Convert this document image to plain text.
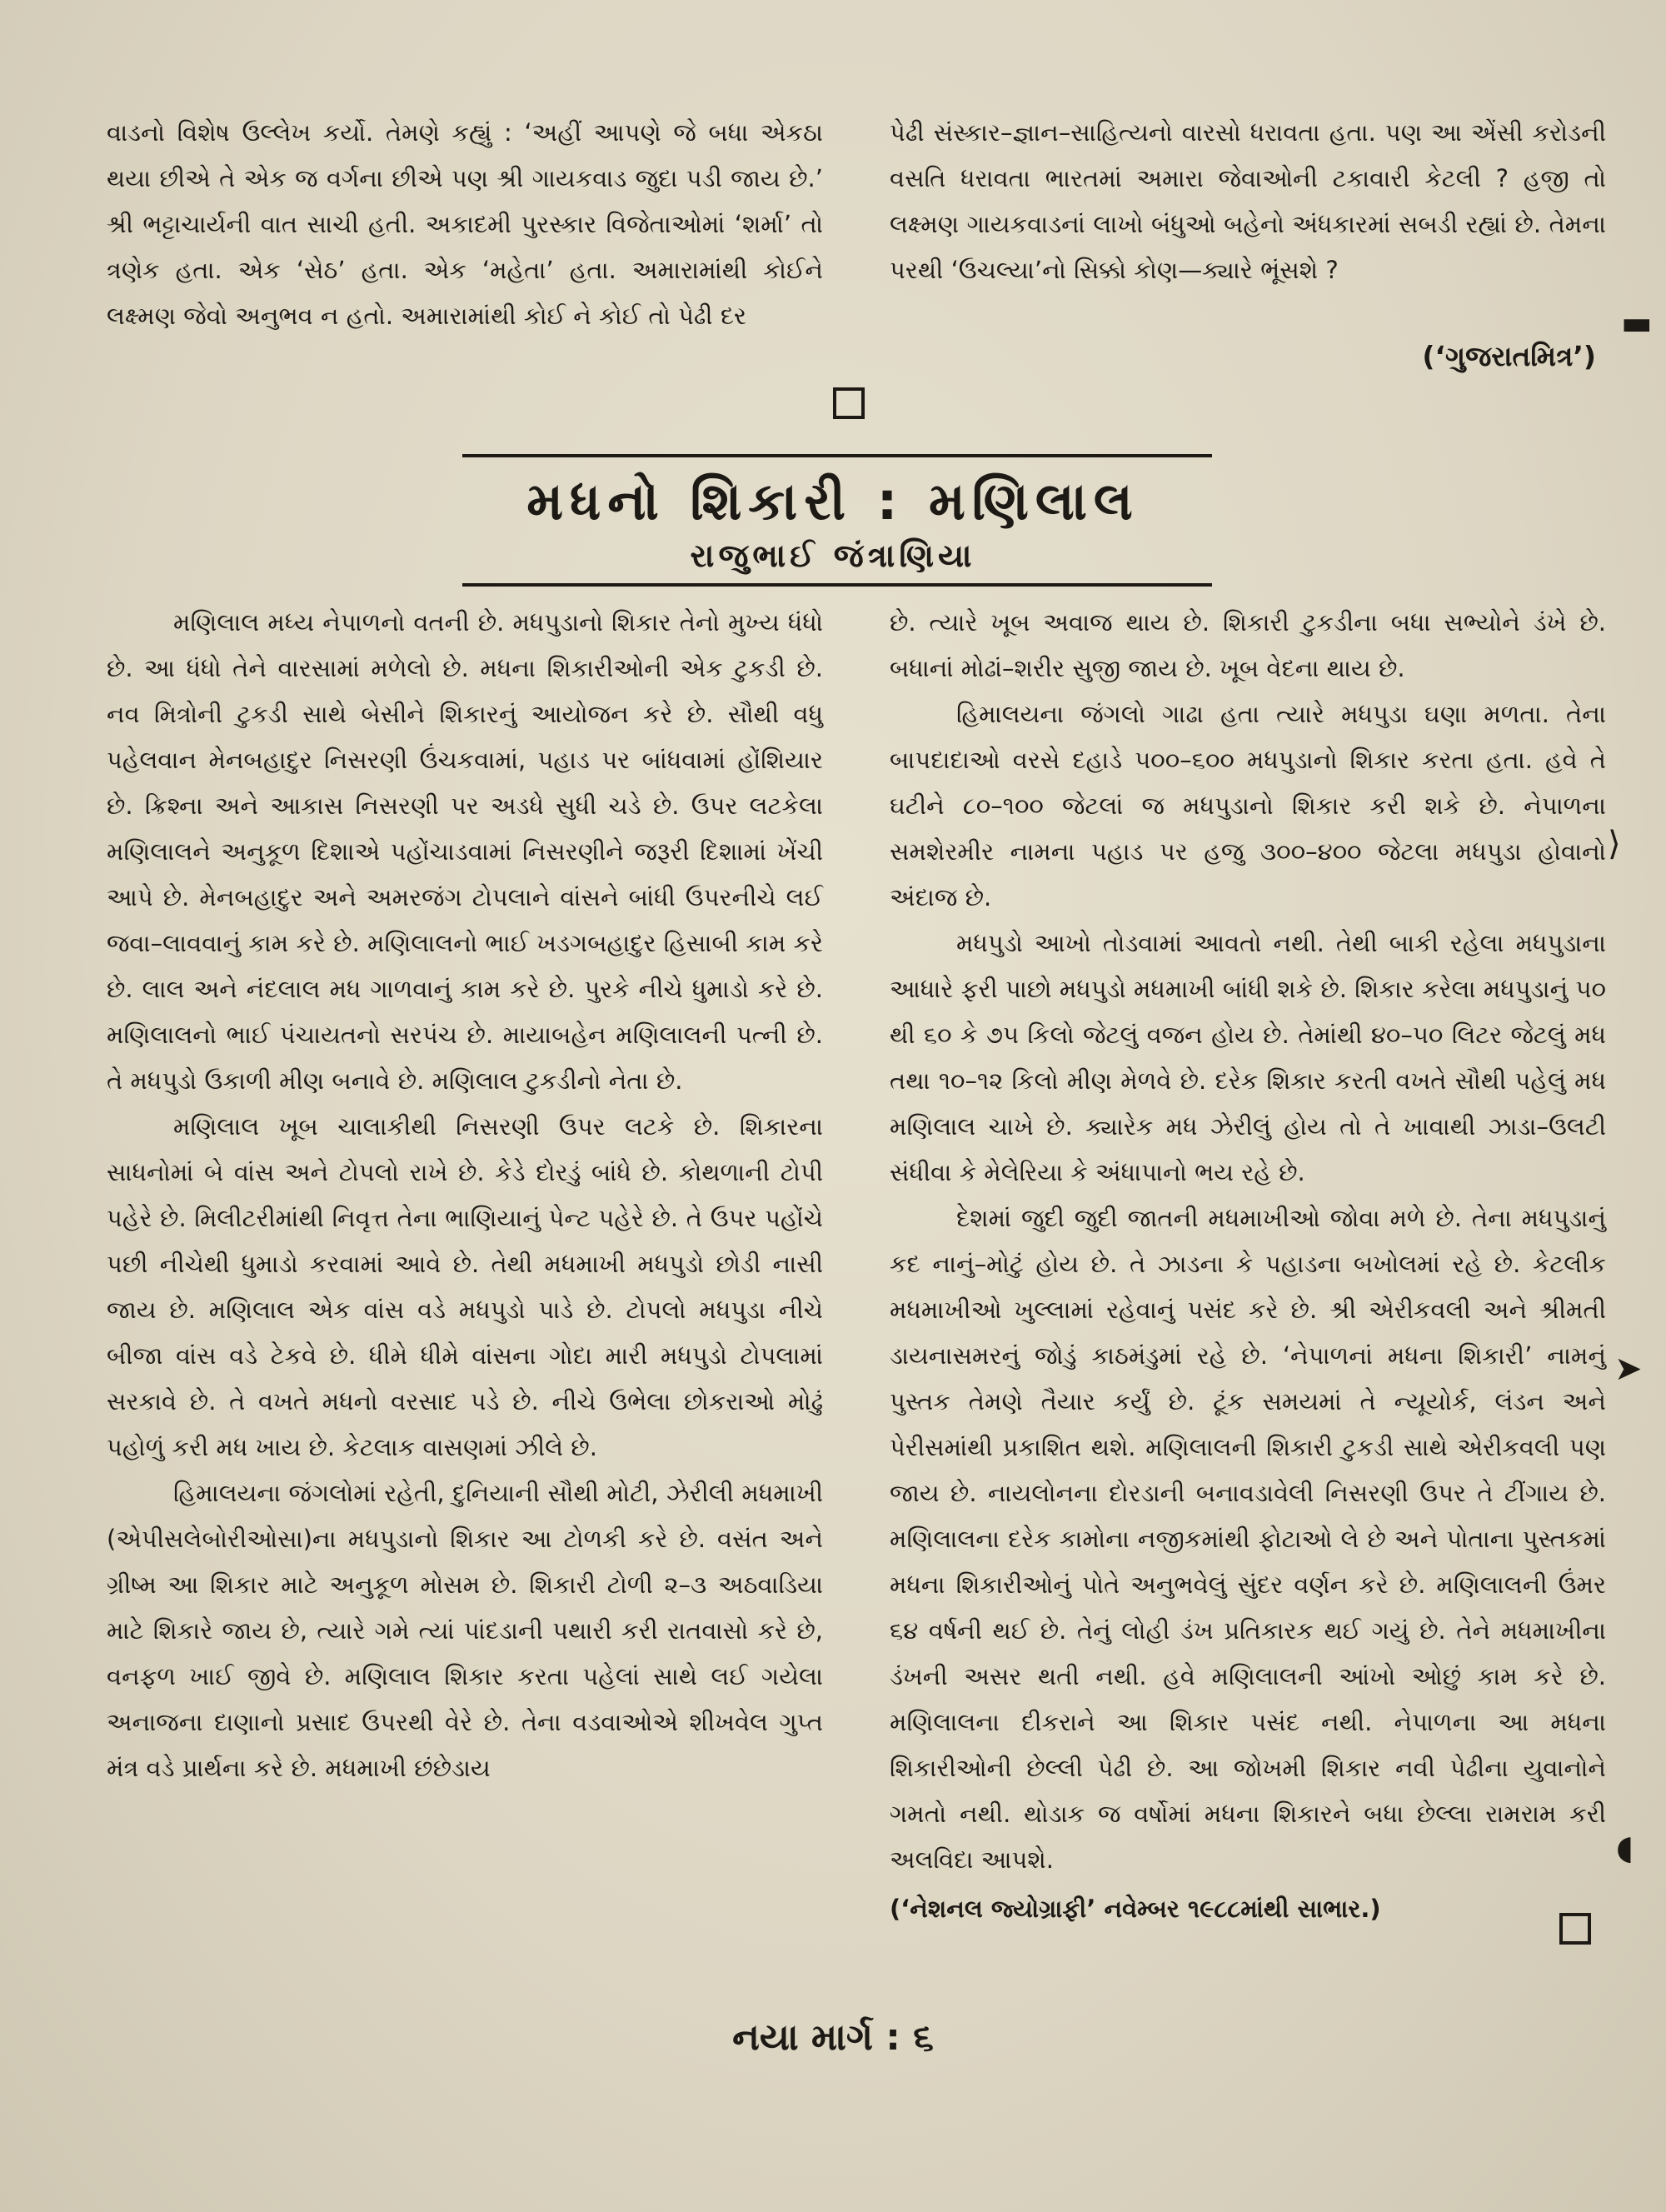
વાડનો વિશેષ ઉલ્લેખ કર્યો. તેમણે કહ્યું : ‘અહીં આપણે જે બધા એકઠા થયા છીએ તે એક જ વર્ગના છીએ પણ શ્રી ગાયકવાડ જુદા પડી જાય છે.’ શ્રી ભટ્ટાચાર્યની વાત સાચી હતી. અકાદમી પુરસ્કાર વિજેતાઓમાં ‘શર્મા’ તો ત્રણેક હતા. એક ‘સેઠ’ હતા. એક ‘મહેતા’ હતા. અમારામાંથી કોઈને લક્ષ્મણ જેવો અનુભવ ન હતો. અમારામાંથી કોઈ ને કોઈ તો પેઢી દર

પેઢી સંસ્કાર–જ્ઞાન–સાહિત્યનો વારસો ધરાવતા હતા. પણ આ એંસી કરોડની વસતિ ધરાવતા ભારતમાં અમારા જેવાઓની ટકાવારી કેટલી ? હજી તો લક્ષ્મણ ગાયકવાડનાં લાખો બંધુઓ બહેનો અંધકારમાં સબડી રહ્યાં છે. તેમના પરથી ‘ઉચલ્યા’નો સિક્કો કોણ—ક્યારે ભૂંસશે ?

(‘ગુજરાતમિત્ર’)
મધનો શિકારી : મણિલાલ
રાજુભાઈ જંત્રાણિયા

મણિલાલ મધ્ય નેપાળનો વતની છે. મધપુડાનો શિકાર તેનો મુખ્ય ધંધો છે. આ ધંધો તેને વારસામાં મળેલો છે. મધના શિકારીઓની એક ટુકડી છે. નવ મિત્રોની ટુકડી સાથે બેસીને શિકારનું આયોજન કરે છે. સૌથી વધુ પહેલવાન મેનબહાદુર નિસરણી ઉંચકવામાં, પહાડ પર બાંધવામાં હોંશિયાર છે. ક્રિશ્ના અને આકાસ નિસરણી પર અડધે સુધી ચડે છે. ઉપર લટકેલા મણિલાલને અનુકૂળ દિશાએ પહોંચાડવામાં નિસરણીને જરૂરી દિશામાં ખેંચી આપે છે. મેનબહાદુર અને અમરજંગ ટોપલાને વાંસને બાંધી ઉપરનીચે લઈ જવા–લાવવાનું કામ કરે છે. મણિલાલનો ભાઈ ખડગબહાદુર હિસાબી કામ કરે છે. લાલ અને નંદલાલ મધ ગાળવાનું કામ કરે છે. પુરકે નીચે ધુમાડો કરે છે. મણિલાલનો ભાઈ પંચાયતનો સરપંચ છે. માયાબહેન મણિલાલની પત્ની છે. તે મધપુડો ઉકાળી મીણ બનાવે છે. મણિલાલ ટુકડીનો નેતા છે.

મણિલાલ ખૂબ ચાલાકીથી નિસરણી ઉપર લટકે છે. શિકારના સાધનોમાં બે વાંસ અને ટોપલો રાખે છે. કેડે દોરડું બાંધે છે. કોથળાની ટોપી પહેરે છે. મિલીટરીમાંથી નિવૃત્ત તેના ભાણિયાનું પેન્ટ પહેરે છે. તે ઉપર પહોંચે પછી નીચેથી ધુમાડો કરવામાં આવે છે. તેથી મધમાખી મધપુડો છોડી નાસી જાય છે. મણિલાલ એક વાંસ વડે મધપુડો પાડે છે. ટોપલો મધપુડા નીચે બીજા વાંસ વડે ટેકવે છે. ધીમે ધીમે વાંસના ગોદા મારી મધપુડો ટોપલામાં સરકાવે છે. તે વખતે મધનો વરસાદ પડે છે. નીચે ઉભેલા છોકરાઓ મોઢું પહોળું કરી મધ ખાય છે. કેટલાક વાસણમાં ઝીલે છે.

હિમાલયના જંગલોમાં રહેતી, દુનિયાની સૌથી મોટી, ઝેરીલી મધમાખી (એપીસલેબોરીઓસા)ના મધપુડાનો શિકાર આ ટોળકી કરે છે. વસંત અને ગ્રીષ્મ આ શિકાર માટે અનુકૂળ મોસમ છે. શિકારી ટોળી ૨–૩ અઠવાડિયા માટે શિકારે જાય છે, ત્યારે ગમે ત્યાં પાંદડાની પથારી કરી રાતવાસો કરે છે, વનફળ ખાઈ જીવે છે. મણિલાલ શિકાર કરતા પહેલાં સાથે લઈ ગયેલા અનાજના દાણાનો પ્રસાદ ઉપરથી વેરે છે. તેના વડવાઓએ શીખવેલ ગુપ્ત મંત્ર વડે પ્રાર્થના કરે છે. મધમાખી છંછેડાય

છે. ત્યારે ખૂબ અવાજ થાય છે. શિકારી ટુકડીના બધા સભ્યોને ડંખે છે. બધાનાં મોઢાં–શરીર સુજી જાય છે. ખૂબ વેદના થાય છે.

હિમાલયના જંગલો ગાઢા હતા ત્યારે મધપુડા ઘણા મળતા. તેના બાપદાદાઓ વરસે દહાડે ૫૦૦–૬૦૦ મધપુડાનો શિકાર કરતા હતા. હવે તે ઘટીને ૮૦–૧૦૦ જેટલાં જ મધપુડાનો શિકાર કરી શકે છે. નેપાળના સમશેરમીર નામના પહાડ પર હજુ ૩૦૦–૪૦૦ જેટલા મધપુડા હોવાનો અંદાજ છે.

મધપુડો આખો તોડવામાં આવતો નથી. તેથી બાકી રહેલા મધપુડાના આધારે ફરી પાછો મધપુડો મધમાખી બાંધી શકે છે. શિકાર કરેલા મધપુડાનું ૫૦ થી ૬૦ કે ૭૫ કિલો જેટલું વજન હોય છે. તેમાંથી ૪૦–૫૦ લિટર જેટલું મધ તથા ૧૦–૧૨ કિલો મીણ મેળવે છે. દરેક શિકાર કરતી વખતે સૌથી પહેલું મધ મણિલાલ ચાખે છે. ક્યારેક મધ ઝેરીલું હોય તો તે ખાવાથી ઝાડા–ઉલટી સંધીવા કે મેલેરિયા કે અંધાપાનો ભય રહે છે.

દેશમાં જુદી જુદી જાતની મધમાખીઓ જોવા મળે છે. તેના મધપુડાનું કદ નાનું–મોટું હોય છે. તે ઝાડના કે પહાડના બખોલમાં રહે છે. કેટલીક મધમાખીઓ ખુલ્લામાં રહેવાનું પસંદ કરે છે. શ્રી એરીકવલી અને શ્રીમતી ડાયનાસમરનું જોડું કાઠમંડુમાં રહે છે. ‘નેપાળનાં મધના શિકારી’ નામનું પુસ્તક તેમણે તૈયાર કર્યું છે. ટૂંક સમયમાં તે ન્યૂયોર્ક, લંડન અને પેરીસમાંથી પ્રકાશિત થશે. મણિલાલની શિકારી ટુકડી સાથે એરીકવલી પણ જાય છે. નાયલોનના દોરડાની બનાવડાવેલી નિસરણી ઉપર તે ટીંગાય છે. મણિલાલના દરેક કામોના નજીકમાંથી ફોટાઓ લે છે અને પોતાના પુસ્તકમાં મધના શિકારીઓનું પોતે અનુભવેલું સુંદર વર્ણન કરે છે. મણિલાલની ઉંમર ૬૪ વર્ષની થઈ છે. તેનું લોહી ડંખ પ્રતિકારક થઈ ગયું છે. તેને મધમાખીના ડંખની અસર થતી નથી. હવે મણિલાલની આંખો ઓછું કામ કરે છે. મણિલાલના દીકરાને આ શિકાર પસંદ નથી. નેપાળના આ મધના શિકારીઓની છેલ્લી પેઢી છે. આ જોખમી શિકાર નવી પેઢીના યુવાનોને ગમતો નથી. થોડાક જ વર્ષોમાં મધના શિકારને બધા છેલ્લા રામરામ કરી અલવિદા આપશે.

(‘નેશનલ જ્યોગ્રાફી’ નવેમ્બર ૧૯૮૮માંથી સાભાર.)

નયા માર્ગ : ૬
▬
⟩
➤
◖
